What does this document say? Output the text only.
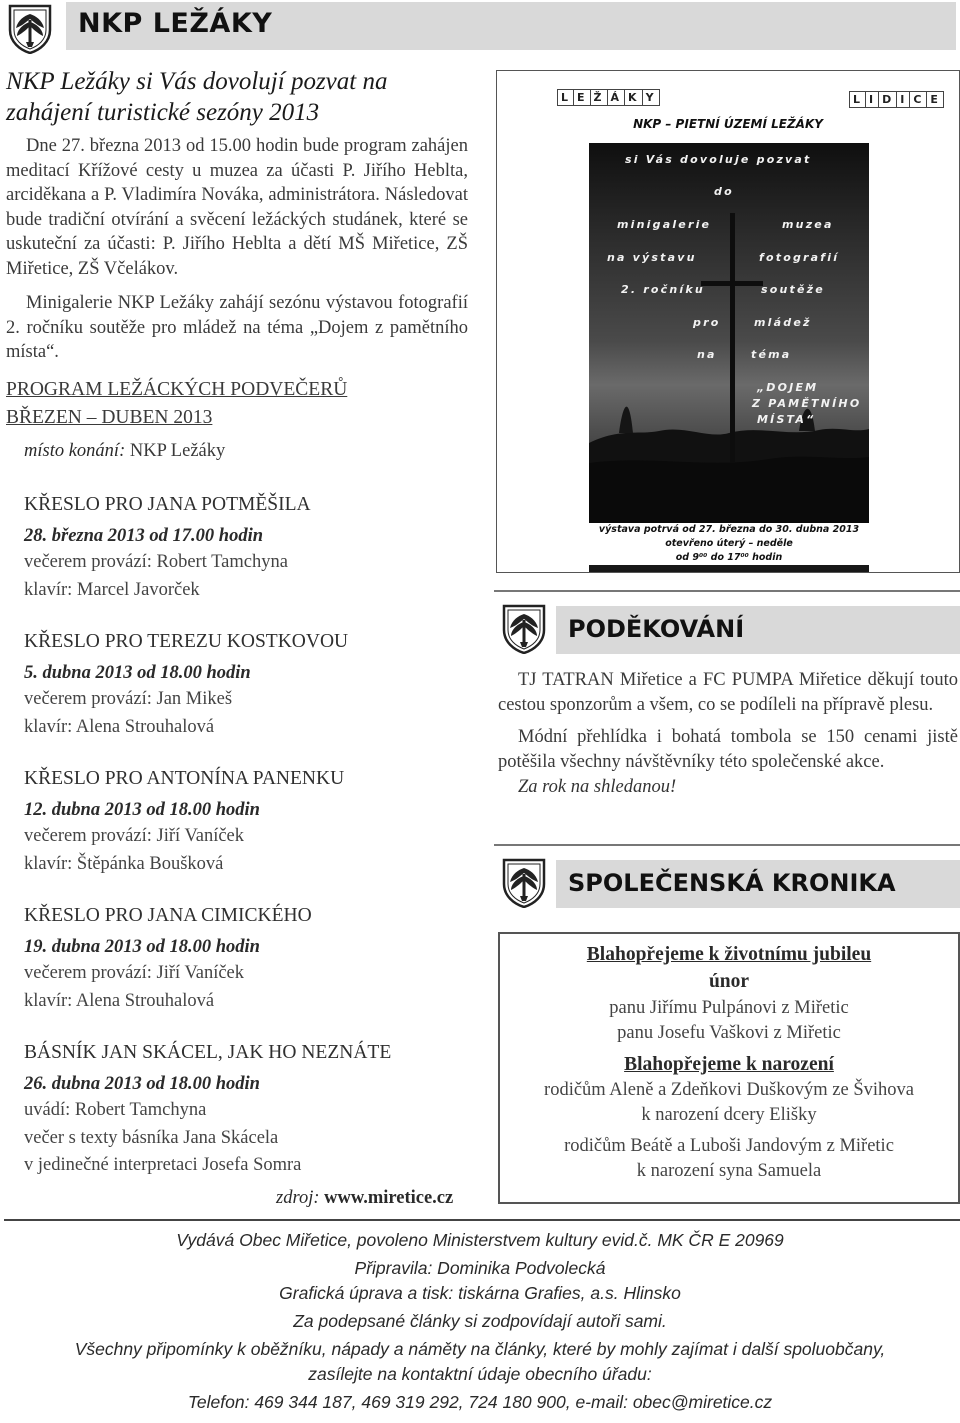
NKP LEŽÁKY
NKP Ležáky si Vás dovolují pozvat na
zahájení turistické sezóny 2013
Dne 27. března 2013 od 15.00 hodin bude program zahájen meditací Křížové cesty u muzea za účasti P. Jiřího Heblta, arciděkana a P. Vladimíra Nováka, administrátora. Následovat bude tradiční otvírání a svěcení ležáckých studánek, které se uskuteční za účasti: P. Jiřího Heblta a dětí MŠ Miřetice, ZŠ Miřetice, ZŠ Včelákov.
Minigalerie NKP Ležáky zahájí sezónu výstavou fotografií 2. ročníku soutěže pro mládež na téma „Dojem z pamětního místa“.
PROGRAM LEŽÁCKÝCH PODVEČERŮ
BŘEZEN – DUBEN 2013
místo konání: NKP Ležáky
KŘESLO PRO JANA POTMĚŠILA
28. března 2013 od 17.00 hodin
večerem provází: Robert Tamchyna
klavír: Marcel Javorček
KŘESLO PRO TEREZU KOSTKOVOU
5. dubna 2013 od 18.00 hodin
večerem provází: Jan Mikeš
klavír: Alena Strouhalová
KŘESLO PRO ANTONÍNA PANENKU
12. dubna 2013 od 18.00 hodin
večerem provází: Jiří Vaníček
klavír: Štěpánka Boušková
KŘESLO PRO JANA CIMICKÉHO
19. dubna 2013 od 18.00 hodin
večerem provází: Jiří Vaníček
klavír: Alena Strouhalová
BÁSNÍK JAN SKÁCEL, JAK HO NEZNÁTE
26. dubna 2013 od 18.00 hodin
uvádí: Robert Tamchyna
večer s texty básníka Jana Skácela
v jedinečné interpretaci Josefa Somra
zdroj: www.miretice.cz
L E Ž Á K Y	L I D I C E
NKP – PIETNÍ ÚZEMÍ LEŽÁKY
si Vás dovoluje pozvat
do
minigalerie	muzea
na výstavu	fotografií
2. ročníku	soutěže
pro	mládež
na	téma
„DOJEM
Z PAMĚTNÍHO
MÍSTA“
výstava potrvá od 27. března do 30. dubna 2013
otevřeno úterý – neděle
od 9⁰⁰ do 17⁰⁰ hodin
PODĚKOVÁNÍ
TJ TATRAN Miřetice a FC PUMPA Miřetice děkují touto cestou sponzorům a všem, co se podíleli na přípravě plesu.
Módní přehlídka i bohatá tombola se 150 cenami jistě potěšila všechny návštěvníky této společenské akce.
Za rok na shledanou!
SPOLEČENSKÁ KRONIKA
Blahopřejeme k životnímu jubileu
únor
panu Jiřímu Pulpánovi z Miřetic
panu Josefu Vaškovi z Miřetic
Blahopřejeme k narození
rodičům Aleně a Zdeňkovi Duškovým ze Švihova
k narození dcery Elišky
rodičům Beátě a Luboši Jandovým z Miřetic
k narození syna Samuela
Vydává Obec Miřetice, povoleno Ministerstvem kultury evid.č. MK ČR E 20969
Připravila: Dominika Podvolecká
Grafická úprava a tisk: tiskárna Grafies, a.s. Hlinsko
Za podepsané články si zodpovídají autoři sami.
Všechny připomínky k oběžníku, nápady a náměty na články, které by mohly zajímat i další spoluobčany,
zasílejte na kontaktní údaje obecního úřadu:
Telefon: 469 344 187, 469 319 292, 724 180 900, e-mail: obec@miretice.cz
